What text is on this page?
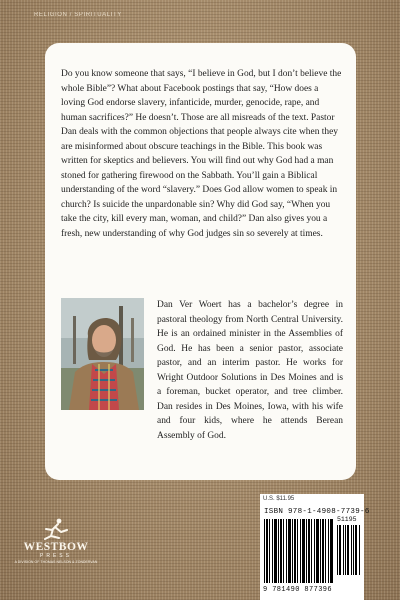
RELIGION / SPIRITUALITY

Do you know someone that says, “I believe in God, but I don’t believe the whole Bible”? What about Facebook postings that say, “How does a loving God endorse slavery, infanticide, murder, genocide, rape, and human sacrifices?” He doesn’t. Those are all misreads of the text. Pastor Dan deals with the common objections that people always cite when they are misinformed about obscure teachings in the Bible. This book was written for skeptics and believers. You will find out why God had a man stoned for gathering firewood on the Sabbath. You’ll gain a Biblical understanding of the word “slavery.” Does God allow women to speak in church? Is suicide the unpardonable sin? Why did God say, “When you take the city, kill every man, woman, and child?” Dan also gives you a fresh, new understanding of why God judges sin so severely at times.

Dan Ver Woert has a bachelor’s degree in pastoral theology from North Central University. He is an ordained minister in the Assemblies of God. He has been a senior pastor, associate pastor, and an interim pastor. He works for Wright Outdoor Solutions in Des Moines and is a foreman, bucket operator, and tree climber. Dan resides in Des Moines, Iowa, with his wife and four kids, where he attends Berean Assembly of God.

U.S. $11.95
ISBN 978-1-4908-7739-6
51195
9 781490 877396
WESTBOW
PRESS
A DIVISION OF THOMAS NELSON & ZONDERVAN
